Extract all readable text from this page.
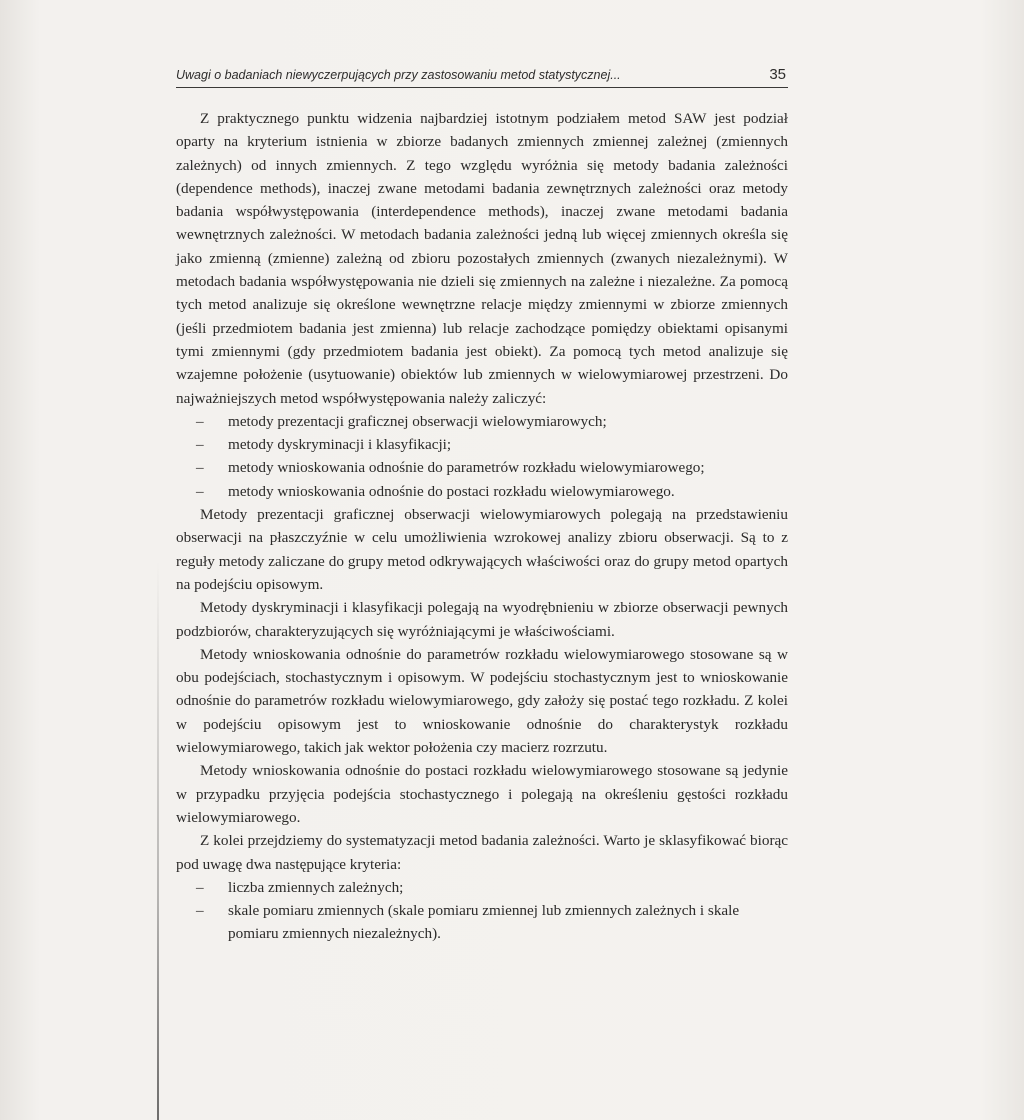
Uwagi o badaniach niewyczerpujących przy zastosowaniu metod statystycznej...	35

Z praktycznego punktu widzenia najbardziej istotnym podziałem metod SAW jest podział oparty na kryterium istnienia w zbiorze badanych zmiennych zmiennej zależnej (zmiennych zależnych) od innych zmiennych. Z tego względu wyróżnia się metody badania zależności (dependence methods), inaczej zwane metodami badania zewnętrznych zależności oraz metody badania współwystępowania (interdependence methods), inaczej zwane metodami badania wewnętrznych zależności. W metodach badania zależności jedną lub więcej zmiennych określa się jako zmienną (zmienne) zależną od zbioru pozostałych zmiennych (zwanych niezależnymi). W metodach badania współwystępowania nie dzieli się zmiennych na zależne i niezależne. Za pomocą tych metod analizuje się określone wewnętrzne relacje między zmiennymi w zbiorze zmiennych (jeśli przedmiotem badania jest zmienna) lub relacje zachodzące pomiędzy obiektami opisanymi tymi zmiennymi (gdy przedmiotem badania jest obiekt). Za pomocą tych metod analizuje się wzajemne położenie (usytuowanie) obiektów lub zmiennych w wielowymiarowej przestrzeni. Do najważniejszych metod współwystępowania należy zaliczyć:

– metody prezentacji graficznej obserwacji wielowymiarowych;
– metody dyskryminacji i klasyfikacji;
– metody wnioskowania odnośnie do parametrów rozkładu wielowymiarowego;
– metody wnioskowania odnośnie do postaci rozkładu wielowymiarowego.

Metody prezentacji graficznej obserwacji wielowymiarowych polegają na przedstawieniu obserwacji na płaszczyźnie w celu umożliwienia wzrokowej analizy zbioru obserwacji. Są to z reguły metody zaliczane do grupy metod odkrywających właściwości oraz do grupy metod opartych na podejściu opisowym.

Metody dyskryminacji i klasyfikacji polegają na wyodrębnieniu w zbiorze obserwacji pewnych podzbiorów, charakteryzujących się wyróżniającymi je właściwościami.

Metody wnioskowania odnośnie do parametrów rozkładu wielowymiarowego stosowane są w obu podejściach, stochastycznym i opisowym. W podejściu stochastycznym jest to wnioskowanie odnośnie do parametrów rozkładu wielowymiarowego, gdy założy się postać tego rozkładu. Z kolei w podejściu opisowym jest to wnioskowanie odnośnie do charakterystyk rozkładu wielowymiarowego, takich jak wektor położenia czy macierz rozrzutu.

Metody wnioskowania odnośnie do postaci rozkładu wielowymiarowego stosowane są jedynie w przypadku przyjęcia podejścia stochastycznego i polegają na określeniu gęstości rozkładu wielowymiarowego.

Z kolei przejdziemy do systematyzacji metod badania zależności. Warto je sklasyfikować biorąc pod uwagę dwa następujące kryteria:

– liczba zmiennych zależnych;
– skale pomiaru zmiennych (skale pomiaru zmiennej lub zmiennych zależnych i skale pomiaru zmiennych niezależnych).
